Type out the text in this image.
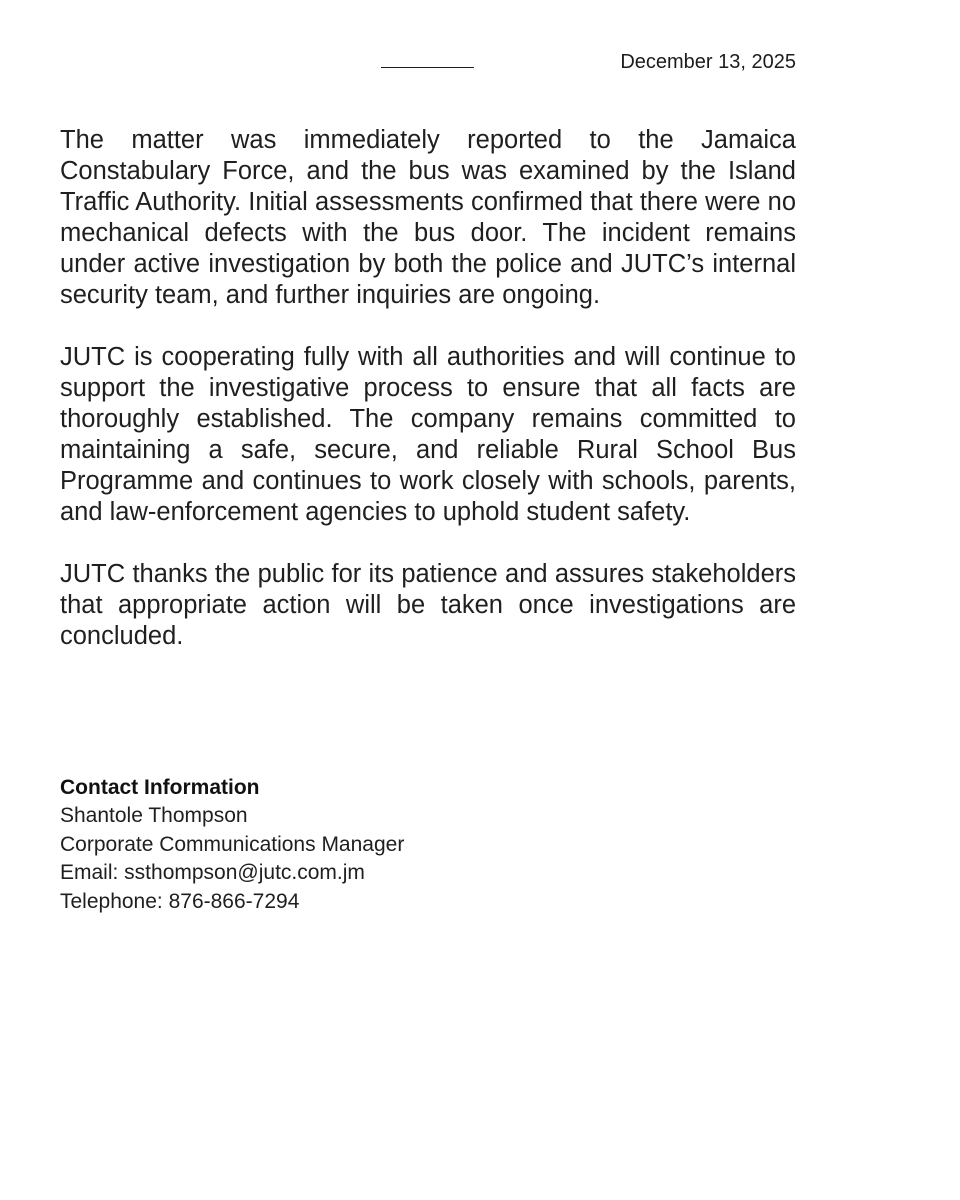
December 13, 2025

The matter was immediately reported to the Jamaica Constabulary Force, and the bus was examined by the Island Traffic Authority. Initial assessments confirmed that there were no mechanical defects with the bus door. The incident remains under active investigation by both the police and JUTC’s internal security team, and further inquiries are ongoing.

JUTC is cooperating fully with all authorities and will continue to support the investigative process to ensure that all facts are thoroughly established. The company remains committed to maintaining a safe, secure, and reliable Rural School Bus Programme and continues to work closely with schools, parents, and law-enforcement agencies to uphold student safety.

JUTC thanks the public for its patience and assures stakeholders that appropriate action will be taken once investigations are concluded.

Contact Information

Shantole Thompson

Corporate Communications Manager

Email: ssthompson@jutc.com.jm

Telephone: 876-866-7294
